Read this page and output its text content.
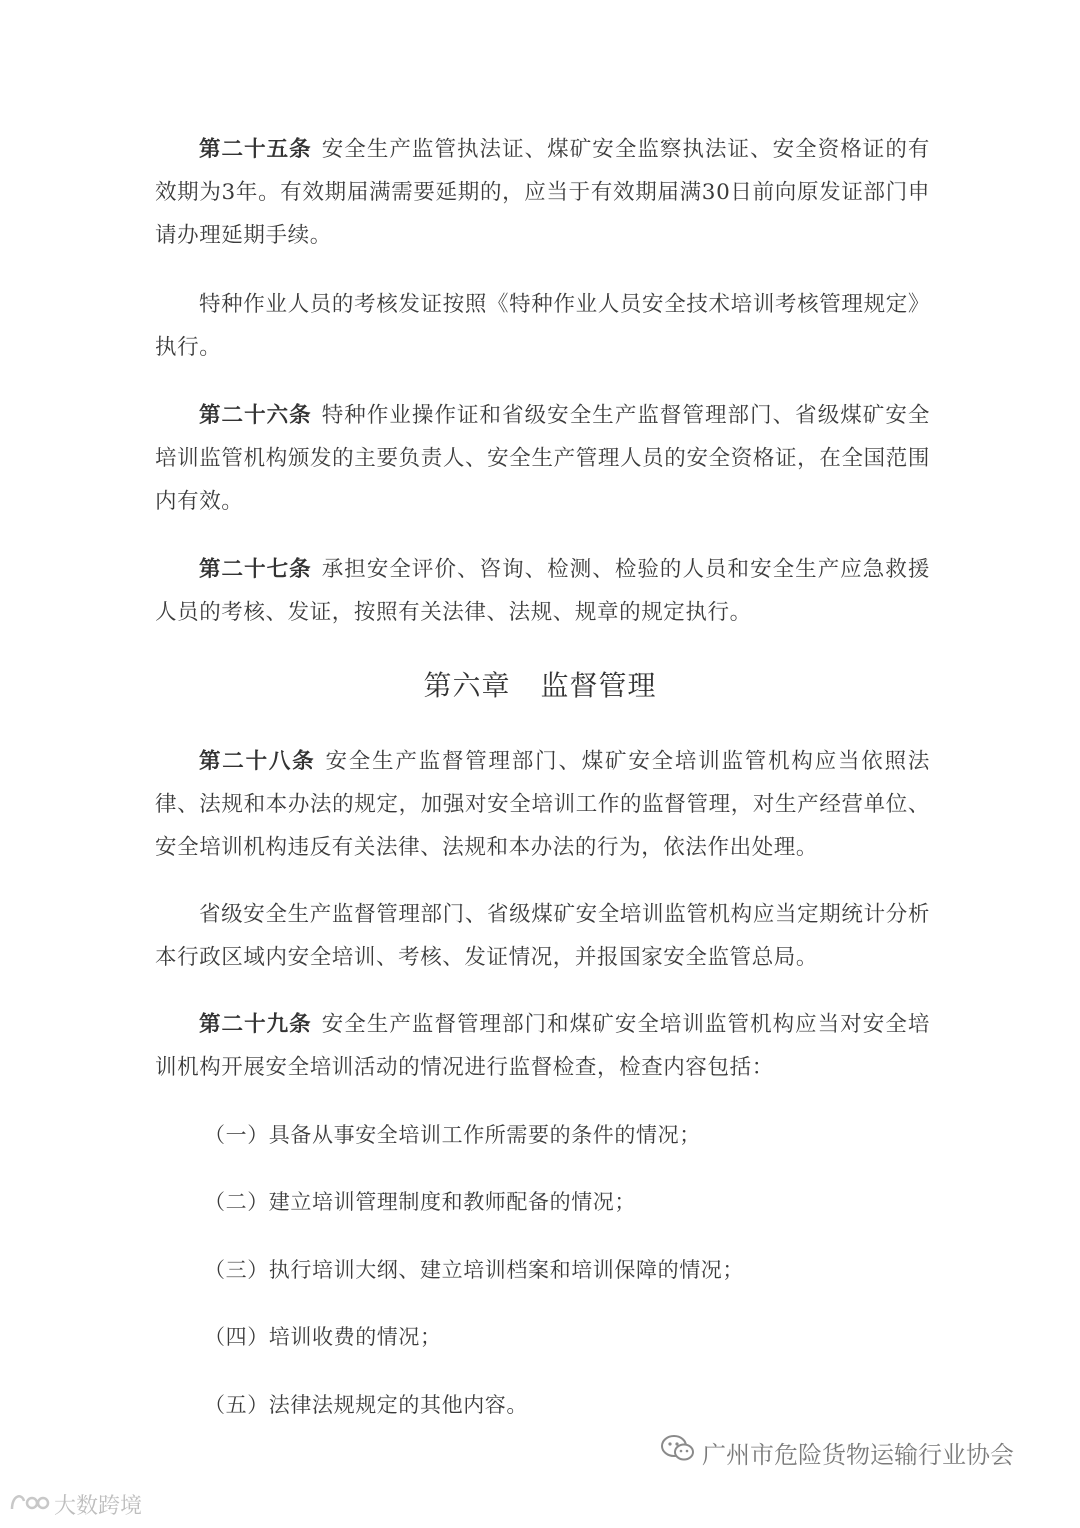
第二十五条 安全生产监管执法证、煤矿安全监察执法证、安全资格证的有效期为3年。有效期届满需要延期的，应当于有效期届满30日前向原发证部门申请办理延期手续。

特种作业人员的考核发证按照《特种作业人员安全技术培训考核管理规定》执行。

第二十六条 特种作业操作证和省级安全生产监督管理部门、省级煤矿安全培训监管机构颁发的主要负责人、安全生产管理人员的安全资格证，在全国范围内有效。

第二十七条 承担安全评价、咨询、检测、检验的人员和安全生产应急救援人员的考核、发证，按照有关法律、法规、规章的规定执行。

第六章 监督管理

第二十八条 安全生产监督管理部门、煤矿安全培训监管机构应当依照法律、法规和本办法的规定，加强对安全培训工作的监督管理，对生产经营单位、安全培训机构违反有关法律、法规和本办法的行为，依法作出处理。

省级安全生产监督管理部门、省级煤矿安全培训监管机构应当定期统计分析本行政区域内安全培训、考核、发证情况，并报国家安全监管总局。

第二十九条 安全生产监督管理部门和煤矿安全培训监管机构应当对安全培训机构开展安全培训活动的情况进行监督检查，检查内容包括：

（一）具备从事安全培训工作所需要的条件的情况；

（二）建立培训管理制度和教师配备的情况；

（三）执行培训大纲、建立培训档案和培训保障的情况；

（四）培训收费的情况；

（五）法律法规规定的其他内容。

广州市危险货物运输行业协会
大数跨境
